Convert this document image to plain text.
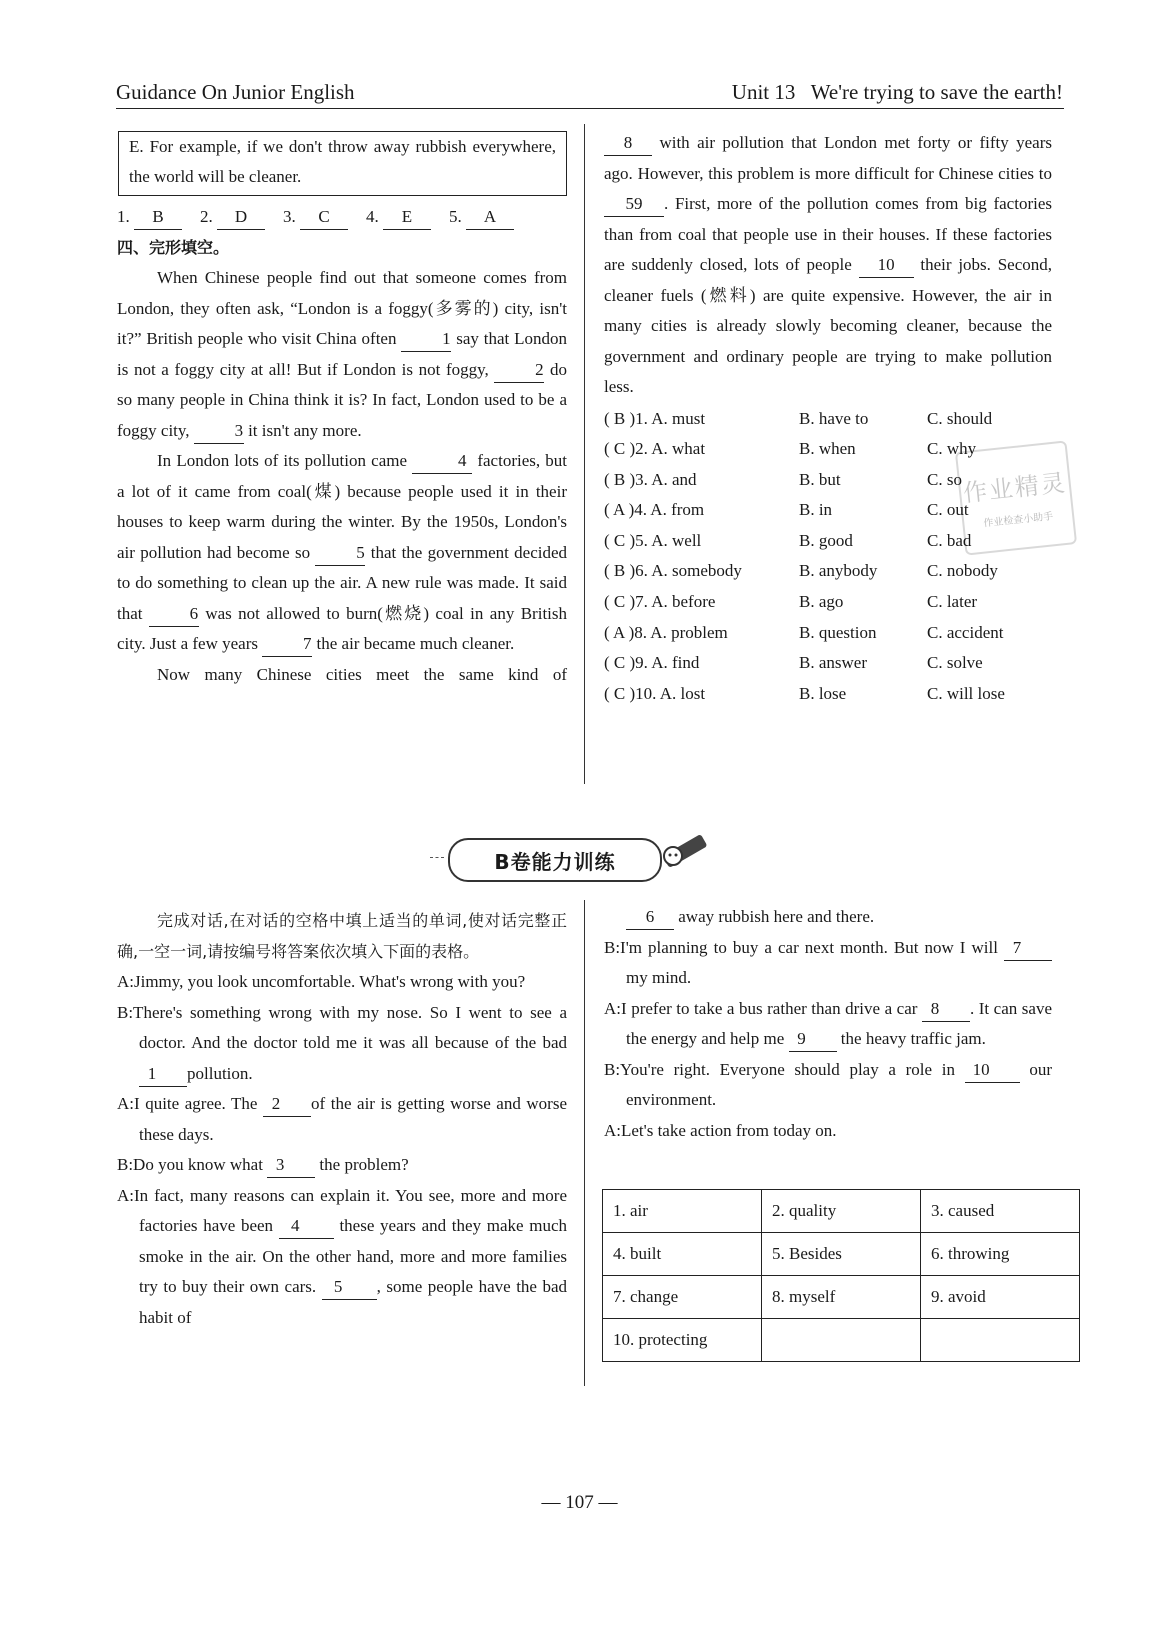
Guidance On Junior English	Unit 13   We're trying to save the earth!
E. For example, if we don't throw away rubbish everywhere, the world will be cleaner.
1. B	2. D	3. C	4. E	5. A
四、完形填空。

When Chinese people find out that someone comes from London, they often ask, “London is a foggy(多雾的) city, isn't it?” British people who visit China often	1 say that London is not a foggy city at all! But if London is not foggy,	2 do so many people in China think it is? In fact, London used to be a foggy city,	3 it isn't any more.

In London lots of its pollution came	4 factories, but a lot of it came from coal(煤) because people used it in their houses to keep warm during the winter. By the 1950s, London's air pollution had become so	5 that the government decided to do something to clean up the air. A new rule was made. It said that	6 was not allowed to burn(燃烧) coal in any British city. Just a few years	7 the air became much cleaner.

Now many Chinese cities meet the same kind of

8 with air pollution that London met forty or fifty years ago. However, this problem is more difficult for Chinese cities to 59 . First, more of the pollution comes from big factories than from coal that people use in their houses. If these factories are suddenly closed, lots of people 10 their jobs. Second, cleaner fuels (燃料) are quite expensive. However, the air in many cities is already slowly becoming cleaner, because the government and ordinary people are trying to make pollution less.

( B )1. A. must	B. have to	C. should
( C )2. A. what	B. when	C. why
( B )3. A. and	B. but	C. so
( A )4. A. from	B. in	C. out
( C )5. A. well	B. good	C. bad
( B )6. A. somebody	B. anybody	C. nobody
( C )7. A. before	B. ago	C. later
( A )8. A. problem	B. question	C. accident
( C )9. A. find	B. answer	C. solve
( C )10. A. lost	B. lose	C. will lose
作业精灵
作业检查小助手
B卷能力训练

完成对话,在对话的空格中填上适当的单词,使对话完整正确,一空一词,请按编号将答案依次填入下面的表格。

A:Jimmy, you look uncomfortable. What's wrong with you?

B:There's something wrong with my nose. So I went to see a doctor. And the doctor told me it was all because of the bad 1 pollution.

A:I quite agree. The 2 of the air is getting worse and worse these days.

B:Do you know what 3 the problem?

A:In fact, many reasons can explain it. You see, more and more factories have been 4 these years and they make much smoke in the air. On the other hand, more and more families try to buy their own cars. 5 , some people have the bad habit of

6 away rubbish here and there.

B:I'm planning to buy a car next month. But now I will 7 my mind.

A:I prefer to take a bus rather than drive a car 8 . It can save the energy and help me 9 the heavy traffic jam.

B:You're right. Everyone should play a role in 10 our environment.

A:Let's take action from today on.

1. air	2. quality	3. caused
4. built	5. Besides	6. throwing
7. change	8. myself	9. avoid
10. protecting		
— 107 —
